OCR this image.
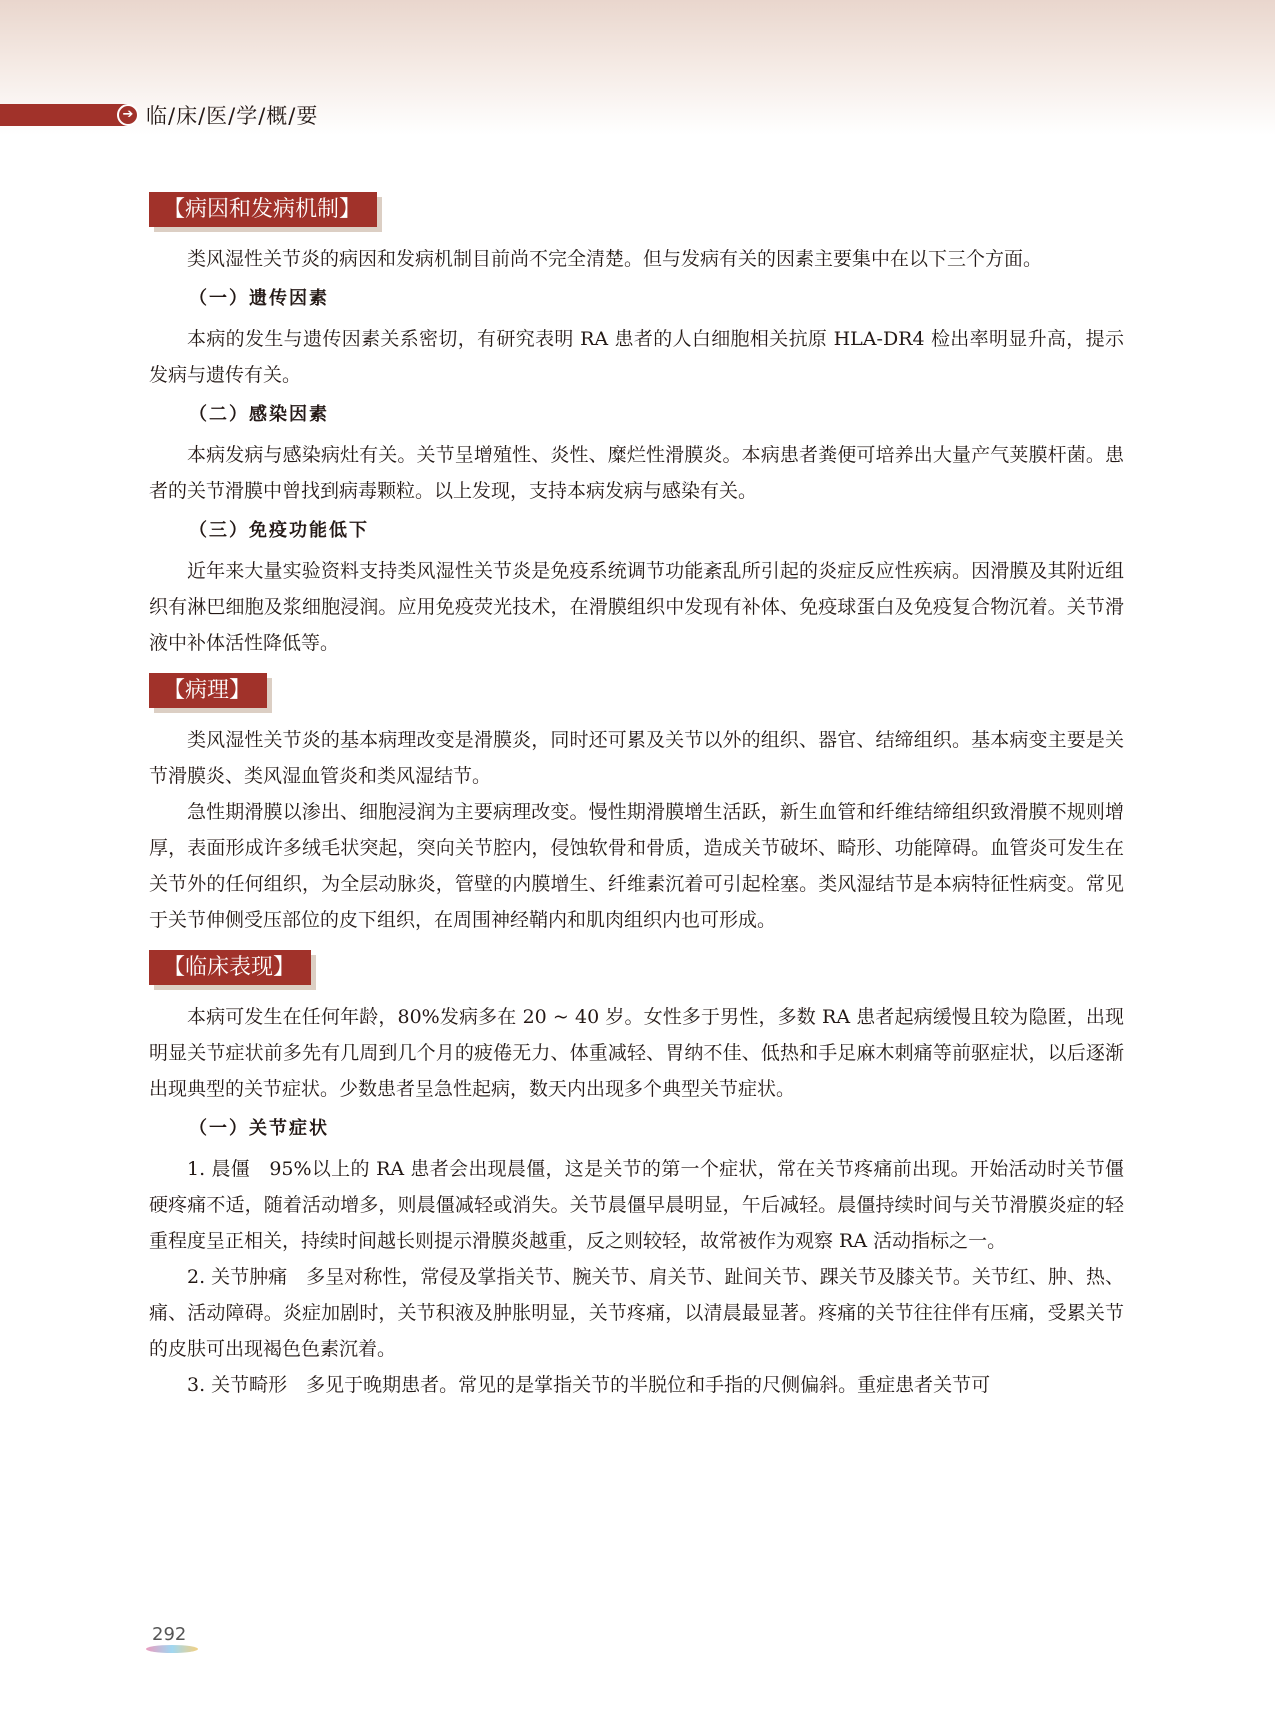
➔ 临/床/医/学/概/要
【病因和发病机制】

类风湿性关节炎的病因和发病机制目前尚不完全清楚。但与发病有关的因素主要集中在以下三个方面。

（一）遗传因素

本病的发生与遗传因素关系密切，有研究表明 RA 患者的人白细胞相关抗原 HLA-DR4 检出率明显升高，提示发病与遗传有关。

（二）感染因素

本病发病与感染病灶有关。关节呈增殖性、炎性、糜烂性滑膜炎。本病患者粪便可培养出大量产气荚膜杆菌。患者的关节滑膜中曾找到病毒颗粒。以上发现，支持本病发病与感染有关。

（三）免疫功能低下

近年来大量实验资料支持类风湿性关节炎是免疫系统调节功能紊乱所引起的炎症反应性疾病。因滑膜及其附近组织有淋巴细胞及浆细胞浸润。应用免疫荧光技术，在滑膜组织中发现有补体、免疫球蛋白及免疫复合物沉着。关节滑液中补体活性降低等。

【病理】

类风湿性关节炎的基本病理改变是滑膜炎，同时还可累及关节以外的组织、器官、结缔组织。基本病变主要是关节滑膜炎、类风湿血管炎和类风湿结节。

急性期滑膜以渗出、细胞浸润为主要病理改变。慢性期滑膜增生活跃，新生血管和纤维结缔组织致滑膜不规则增厚，表面形成许多绒毛状突起，突向关节腔内，侵蚀软骨和骨质，造成关节破坏、畸形、功能障碍。血管炎可发生在关节外的任何组织，为全层动脉炎，管壁的内膜增生、纤维素沉着可引起栓塞。类风湿结节是本病特征性病变。常见于关节伸侧受压部位的皮下组织，在周围神经鞘内和肌肉组织内也可形成。

【临床表现】

本病可发生在任何年龄，80%发病多在 20 ~ 40 岁。女性多于男性，多数 RA 患者起病缓慢且较为隐匿，出现明显关节症状前多先有几周到几个月的疲倦无力、体重减轻、胃纳不佳、低热和手足麻木刺痛等前驱症状，以后逐渐出现典型的关节症状。少数患者呈急性起病，数天内出现多个典型关节症状。

（一）关节症状

1. 晨僵　95%以上的 RA 患者会出现晨僵，这是关节的第一个症状，常在关节疼痛前出现。开始活动时关节僵硬疼痛不适，随着活动增多，则晨僵减轻或消失。关节晨僵早晨明显，午后减轻。晨僵持续时间与关节滑膜炎症的轻重程度呈正相关，持续时间越长则提示滑膜炎越重，反之则较轻，故常被作为观察 RA 活动指标之一。

2. 关节肿痛　多呈对称性，常侵及掌指关节、腕关节、肩关节、趾间关节、踝关节及膝关节。关节红、肿、热、痛、活动障碍。炎症加剧时，关节积液及肿胀明显，关节疼痛，以清晨最显著。疼痛的关节往往伴有压痛，受累关节的皮肤可出现褐色色素沉着。

3. 关节畸形　多见于晚期患者。常见的是掌指关节的半脱位和手指的尺侧偏斜。重症患者关节可

292
